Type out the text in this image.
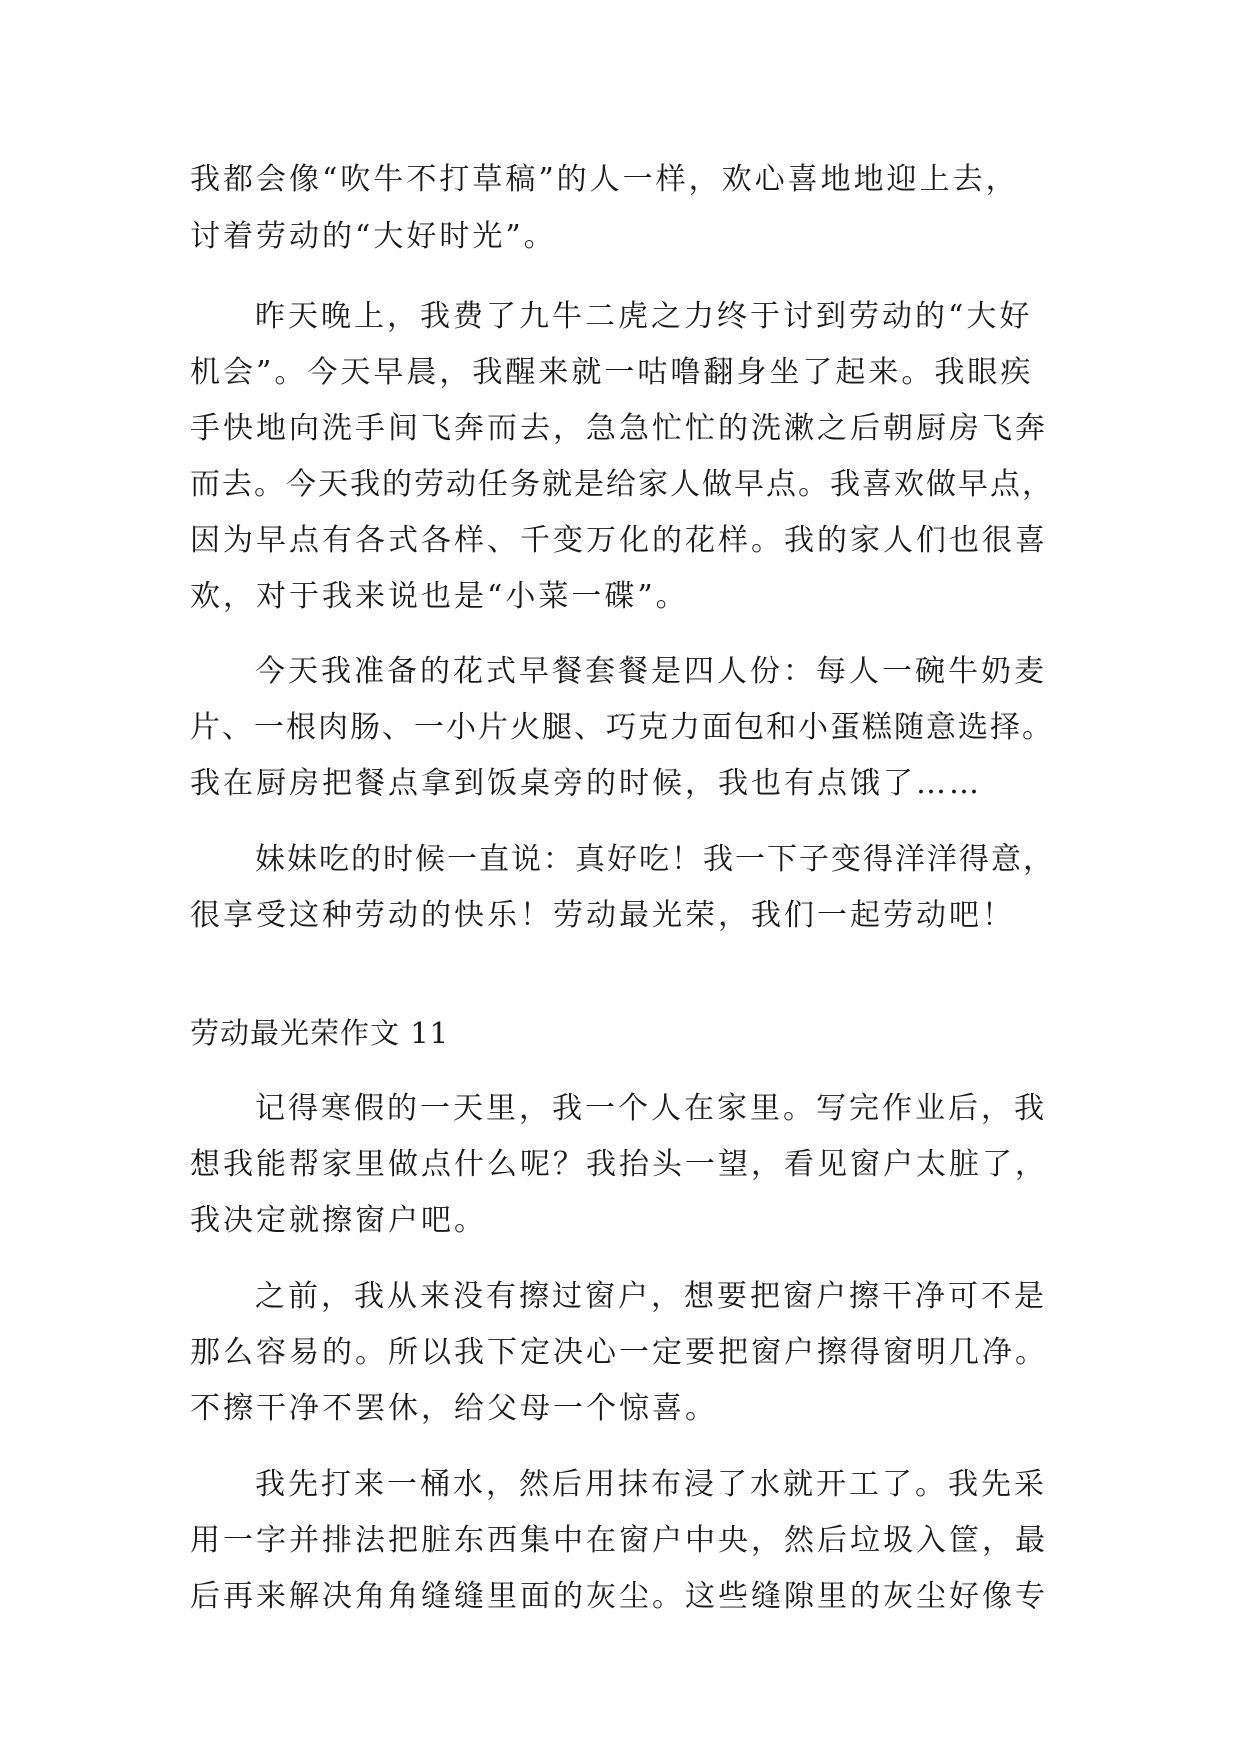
我都会像“吹牛不打草稿”的人一样，欢心喜地地迎上去，
讨着劳动的“大好时光”。
昨天晚上，我费了九牛二虎之力终于讨到劳动的“大好
机会”。今天早晨，我醒来就一咕噜翻身坐了起来。我眼疾
手快地向洗手间飞奔而去，急急忙忙的洗漱之后朝厨房飞奔
而去。今天我的劳动任务就是给家人做早点。我喜欢做早点，
因为早点有各式各样、千变万化的花样。我的家人们也很喜
欢，对于我来说也是“小菜一碟”。
今天我准备的花式早餐套餐是四人份：每人一碗牛奶麦
片、一根肉肠、一小片火腿、巧克力面包和小蛋糕随意选择。
我在厨房把餐点拿到饭桌旁的时候，我也有点饿了……
妹妹吃的时候一直说：真好吃！我一下子变得洋洋得意，
很享受这种劳动的快乐！劳动最光荣，我们一起劳动吧！
劳动最光荣作文 11
记得寒假的一天里，我一个人在家里。写完作业后，我
想我能帮家里做点什么呢？我抬头一望，看见窗户太脏了，
我决定就擦窗户吧。
之前，我从来没有擦过窗户，想要把窗户擦干净可不是
那么容易的。所以我下定决心一定要把窗户擦得窗明几净。
不擦干净不罢休，给父母一个惊喜。
我先打来一桶水，然后用抹布浸了水就开工了。我先采
用一字并排法把脏东西集中在窗户中央，然后垃圾入筐，最
后再来解决角角缝缝里面的灰尘。这些缝隙里的灰尘好像专
